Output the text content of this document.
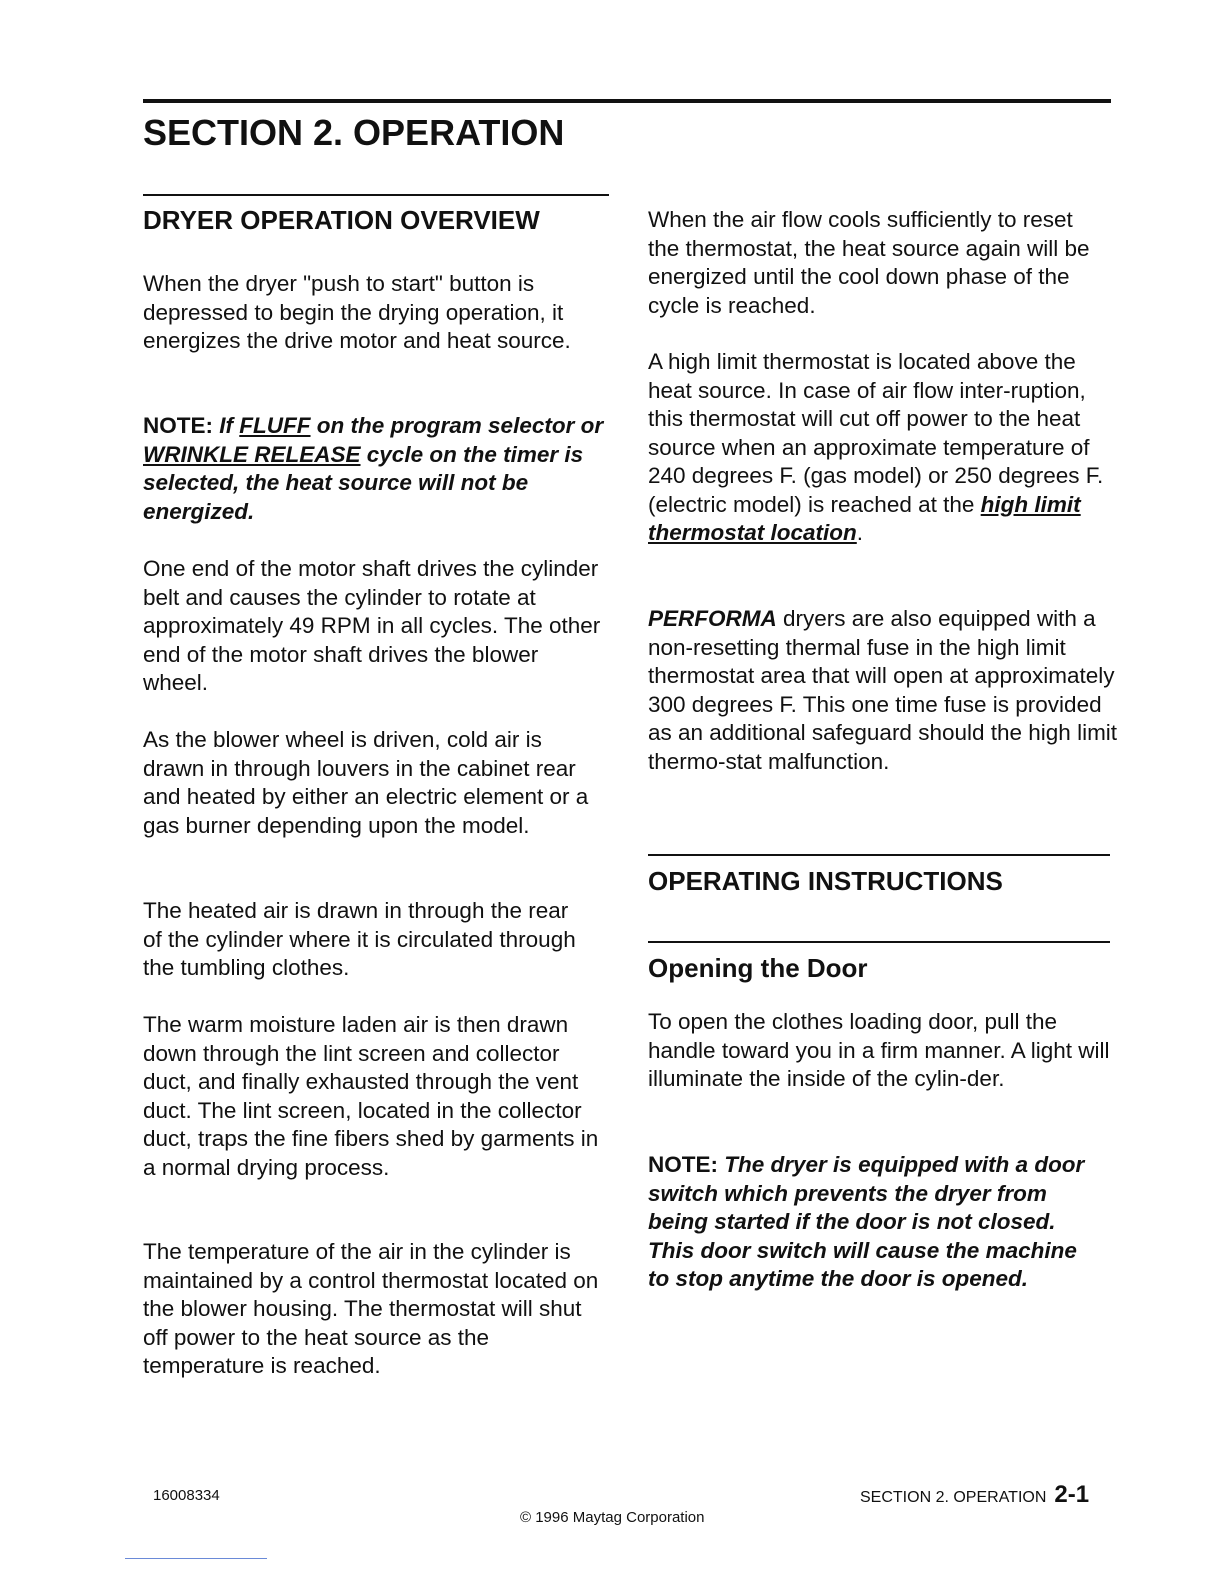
SECTION 2. OPERATION
DRYER OPERATION OVERVIEW

When the dryer "push to start" button is depressed to begin the drying operation, it energizes the drive motor and heat source.

NOTE: If FLUFF on the program selector or WRINKLE RELEASE cycle on the timer is selected, the heat source will not be energized.

One end of the motor shaft drives the cylinder belt and causes the cylinder to rotate at approximately 49 RPM in all cycles. The other end of the motor shaft drives the blower wheel.

As the blower wheel is driven, cold air is drawn in through louvers in the cabinet rear and heated by either an electric element or a gas burner depending upon the model.

The heated air is drawn in through the rear of the cylinder where it is circulated through the tumbling clothes.

The warm moisture laden air is then drawn down through the lint screen and collector duct, and finally exhausted through the vent duct. The lint screen, located in the collector duct, traps the fine fibers shed by garments in a normal drying process.

The temperature of the air in the cylinder is maintained by a control thermostat located on the blower housing. The thermostat will shut off power to the heat source as the temperature is reached.

When the air flow cools sufficiently to reset the thermostat, the heat source again will be energized until the cool down phase of the cycle is reached.

A high limit thermostat is located above the heat source. In case of air flow inter-ruption, this thermostat will cut off power to the heat source when an approximate temperature of 240 degrees F. (gas model) or 250 degrees F. (electric model) is reached at the high limit thermostat location.

PERFORMA dryers are also equipped with a non-resetting thermal fuse in the high limit thermostat area that will open at approximately 300 degrees F. This one time fuse is provided as an additional safeguard should the high limit thermo-stat malfunction.

OPERATING INSTRUCTIONS
Opening the Door

To open the clothes loading door, pull the handle toward you in a firm manner. A light will illuminate the inside of the cylin-der.

NOTE: The dryer is equipped with a door switch which prevents the dryer from being started if the door is not closed. This door switch will cause the machine to stop anytime the door is opened.

16008334
© 1996 Maytag Corporation
SECTION 2. OPERATION 2-1
